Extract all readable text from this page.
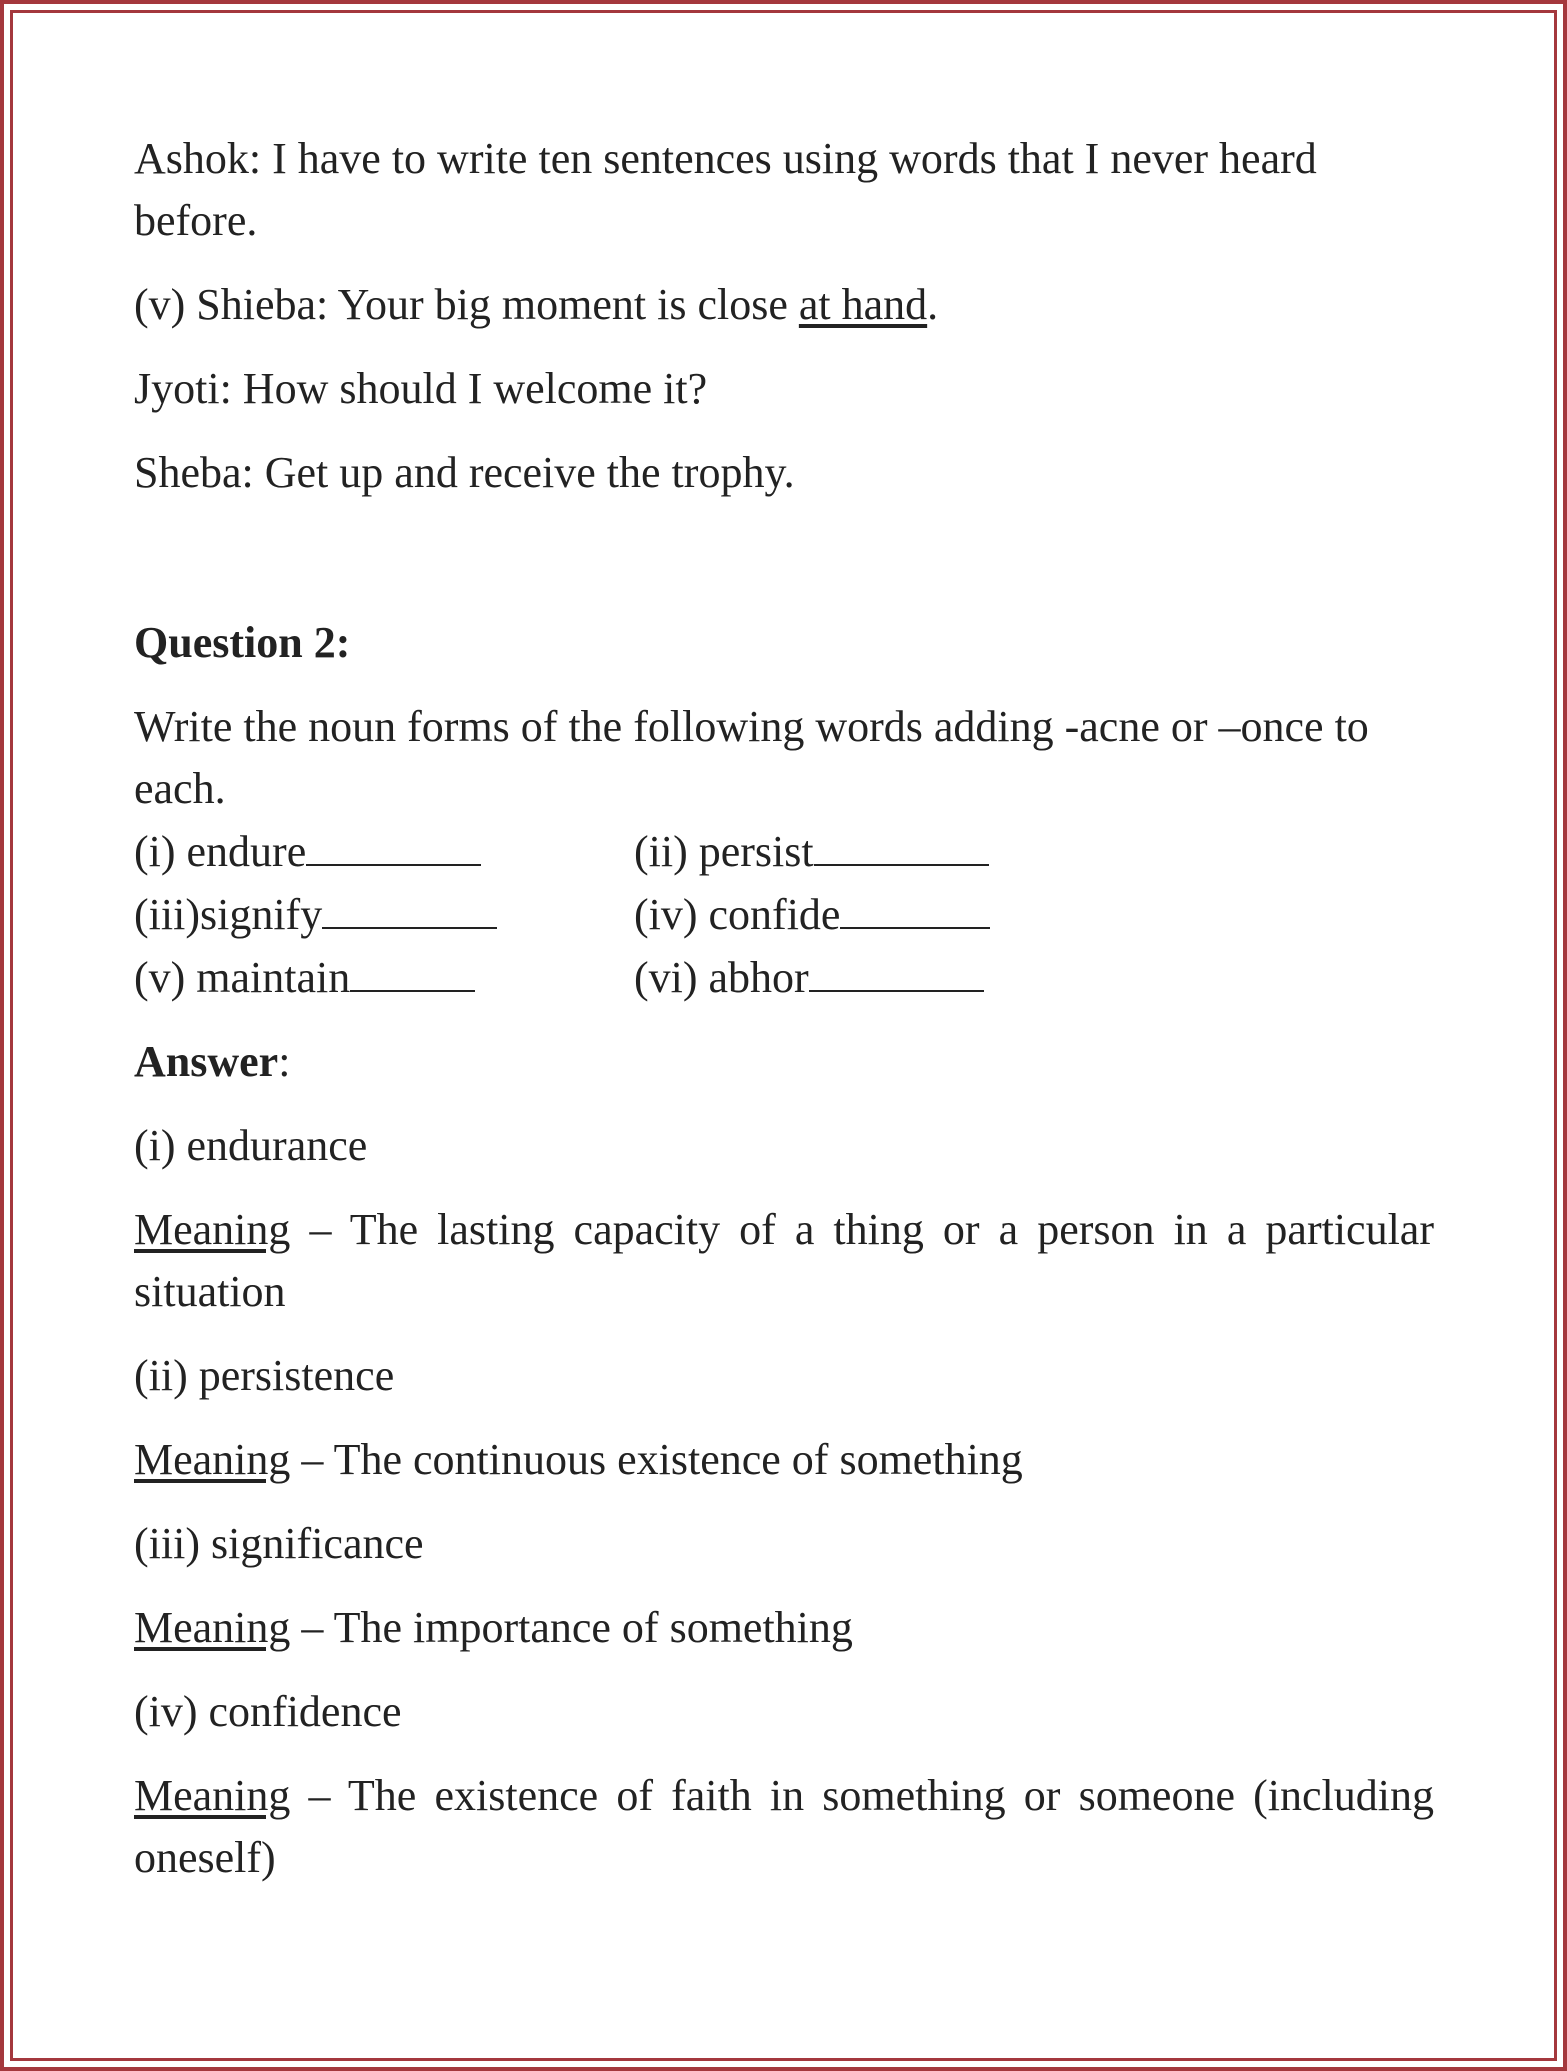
Ashok: I have to write ten sentences using words that I never heard before.

(v) Shieba: Your big moment is close at hand.

Jyoti: How should I welcome it?

Sheba: Get up and receive the trophy.

Question 2:

Write the noun forms of the following words adding -acne or –once to each.

(i) endure	(ii) persist
(iii)signify	(iv) confide
(v) maintain	(vi) abhor

Answer:

(i) endurance

Meaning – The lasting capacity of a thing or a person in a particular situation

(ii) persistence

Meaning – The continuous existence of something

(iii) significance

Meaning – The importance of something

(iv) confidence

Meaning – The existence of faith in something or someone (including oneself)
